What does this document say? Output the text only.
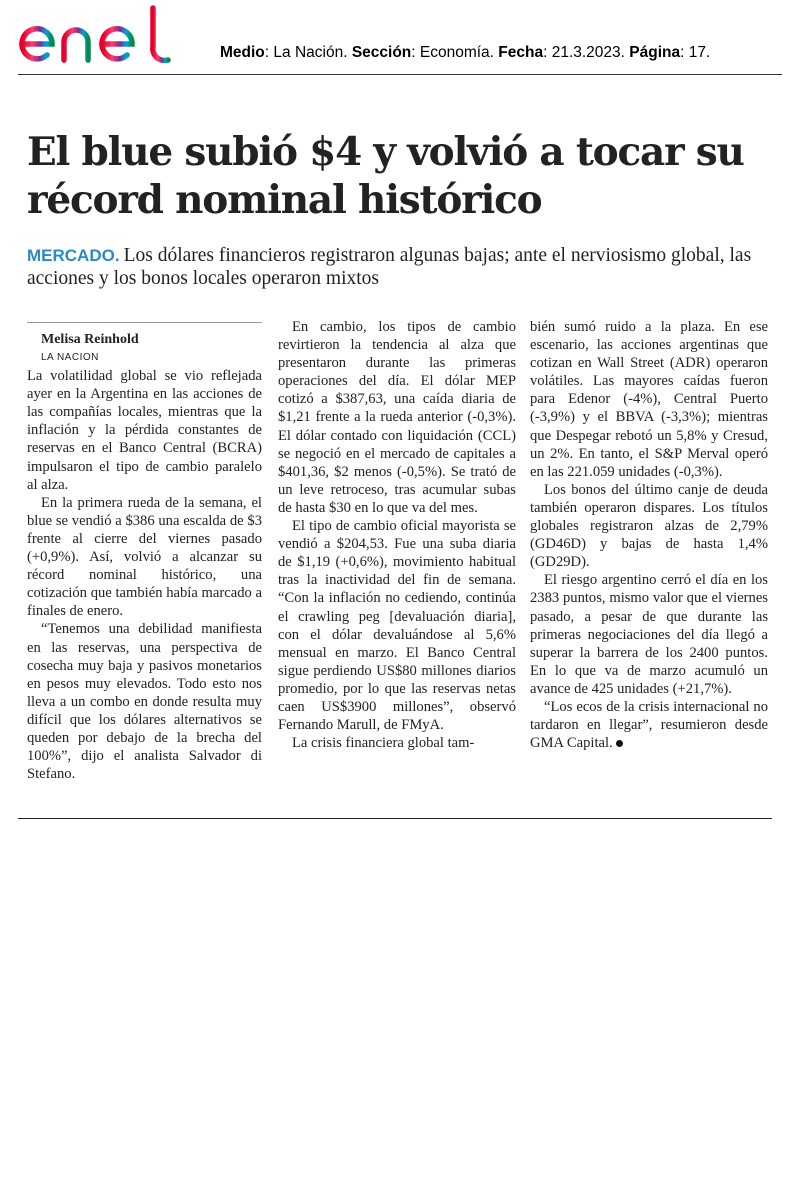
Medio: La Nación. Sección: Economía. Fecha: 21.3.2023. Página: 17.
El blue subió $4 y volvió a tocar su récord nominal histórico

MERCADO. Los dólares financieros registraron algunas bajas; ante el nerviosismo global, las acciones y los bonos locales operaron mixtos

Melisa Reinhold

LA NACION

La volatilidad global se vio reflejada ayer en la Argentina en las acciones de las compañías locales, mientras que la inflación y la pérdida constantes de reservas en el Banco Central (BCRA) impulsaron el tipo de cambio paralelo al alza.

En la primera rueda de la semana, el blue se vendió a $386 una escalda de $3 frente al cierre del viernes pasado (+0,9%). Así, volvió a alcanzar su récord nominal histórico, una cotización que también había marcado a finales de enero.

“Tenemos una debilidad manifiesta en las reservas, una perspectiva de cosecha muy baja y pasivos monetarios en pesos muy elevados. Todo esto nos lleva a un combo en donde resulta muy difícil que los dólares alternativos se queden por debajo de la brecha del 100%”, dijo el analista Salvador di Stefano.

En cambio, los tipos de cambio revirtieron la tendencia al alza que presentaron durante las primeras operaciones del día. El dólar MEP cotizó a $387,63, una caída diaria de $1,21 frente a la rueda anterior (-0,3%). El dólar contado con liquidación (CCL) se negoció en el mercado de capitales a $401,36, $2 menos (-0,5%). Se trató de un leve retroceso, tras acumular subas de hasta $30 en lo que va del mes.

El tipo de cambio oficial mayorista se vendió a $204,53. Fue una suba diaria de $1,19 (+0,6%), movimiento habitual tras la inactividad del fin de semana. “Con la inflación no cediendo, continúa el crawling peg [devaluación diaria], con el dólar devaluándose al 5,6% mensual en marzo. El Banco Central sigue perdiendo US$80 millones diarios promedio, por lo que las reservas netas caen US$3900 millones”, observó Fernando Marull, de FMyA.

La crisis financiera global tam-

bién sumó ruido a la plaza. En ese escenario, las acciones argentinas que cotizan en Wall Street (ADR) operaron volátiles. Las mayores caídas fueron para Edenor (-4%), Central Puerto (-3,9%) y el BBVA (-3,3%); mientras que Despegar rebotó un 5,8% y Cresud, un 2%. En tanto, el S&P Merval operó en las 221.059 unidades (-0,3%).

Los bonos del último canje de deuda también operaron dispares. Los títulos globales registraron alzas de 2,79% (GD46D) y bajas de hasta 1,4% (GD29D).

El riesgo argentino cerró el día en los 2383 puntos, mismo valor que el viernes pasado, a pesar de que durante las primeras negociaciones del día llegó a superar la barrera de los 2400 puntos. En lo que va de marzo acumuló un avance de 425 unidades (+21,7%).

“Los ecos de la crisis internacional no tardaron en llegar”, resumieron desde GMA Capital.
